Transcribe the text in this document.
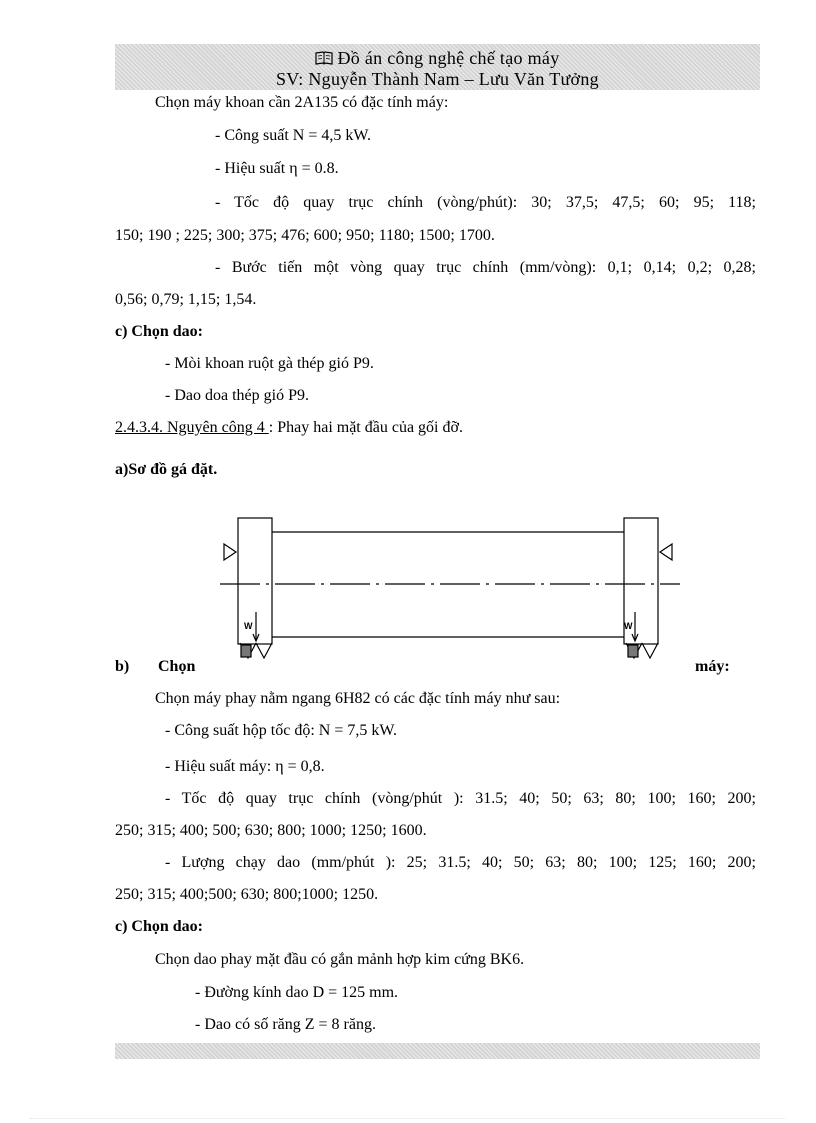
Đồ án công nghệ chế tạo máy
SV: Nguyễn Thành Nam – Lưu Văn Tưởng
Chọn máy khoan cần 2A135 có đặc tính máy:
- Công suất N = 4,5 kW.
- Hiệu suất η = 0.8.
- Tốc độ quay trục chính (vòng/phút): 30; 37,5; 47,5; 60; 95; 118;
150; 190 ; 225; 300; 375; 476; 600; 950; 1180; 1500; 1700.
- Bước tiến một vòng quay trục chính (mm/vòng): 0,1; 0,14; 0,2; 0,28;
0,56; 0,79; 1,15; 1,54.
c) Chọn dao:
- Mòi khoan ruột gà thép gió P9.
- Dao doa thép gió P9.
2.4.3.4. Nguyên công 4 : Phay hai mặt đầu của gối đỡ.
a)Sơ đồ gá đặt.
W	W
b) Chọn	máy:
Chọn máy phay nằm ngang 6H82 có các đặc tính máy như sau:
- Công suất hộp tốc độ: N = 7,5 kW.
- Hiệu suất máy: η = 0,8.
- Tốc độ quay trục chính (vòng/phút ): 31.5; 40; 50; 63; 80; 100; 160; 200;
250; 315; 400; 500; 630; 800; 1000; 1250; 1600.
- Lượng chạy dao (mm/phút ): 25; 31.5; 40; 50; 63; 80; 100; 125; 160; 200;
250; 315; 400;500; 630; 800;1000; 1250.
c) Chọn dao:
Chọn dao phay mặt đầu có gắn mảnh hợp kim cứng BK6.
- Đường kính dao D = 125 mm.
- Dao có số răng Z = 8 răng.
